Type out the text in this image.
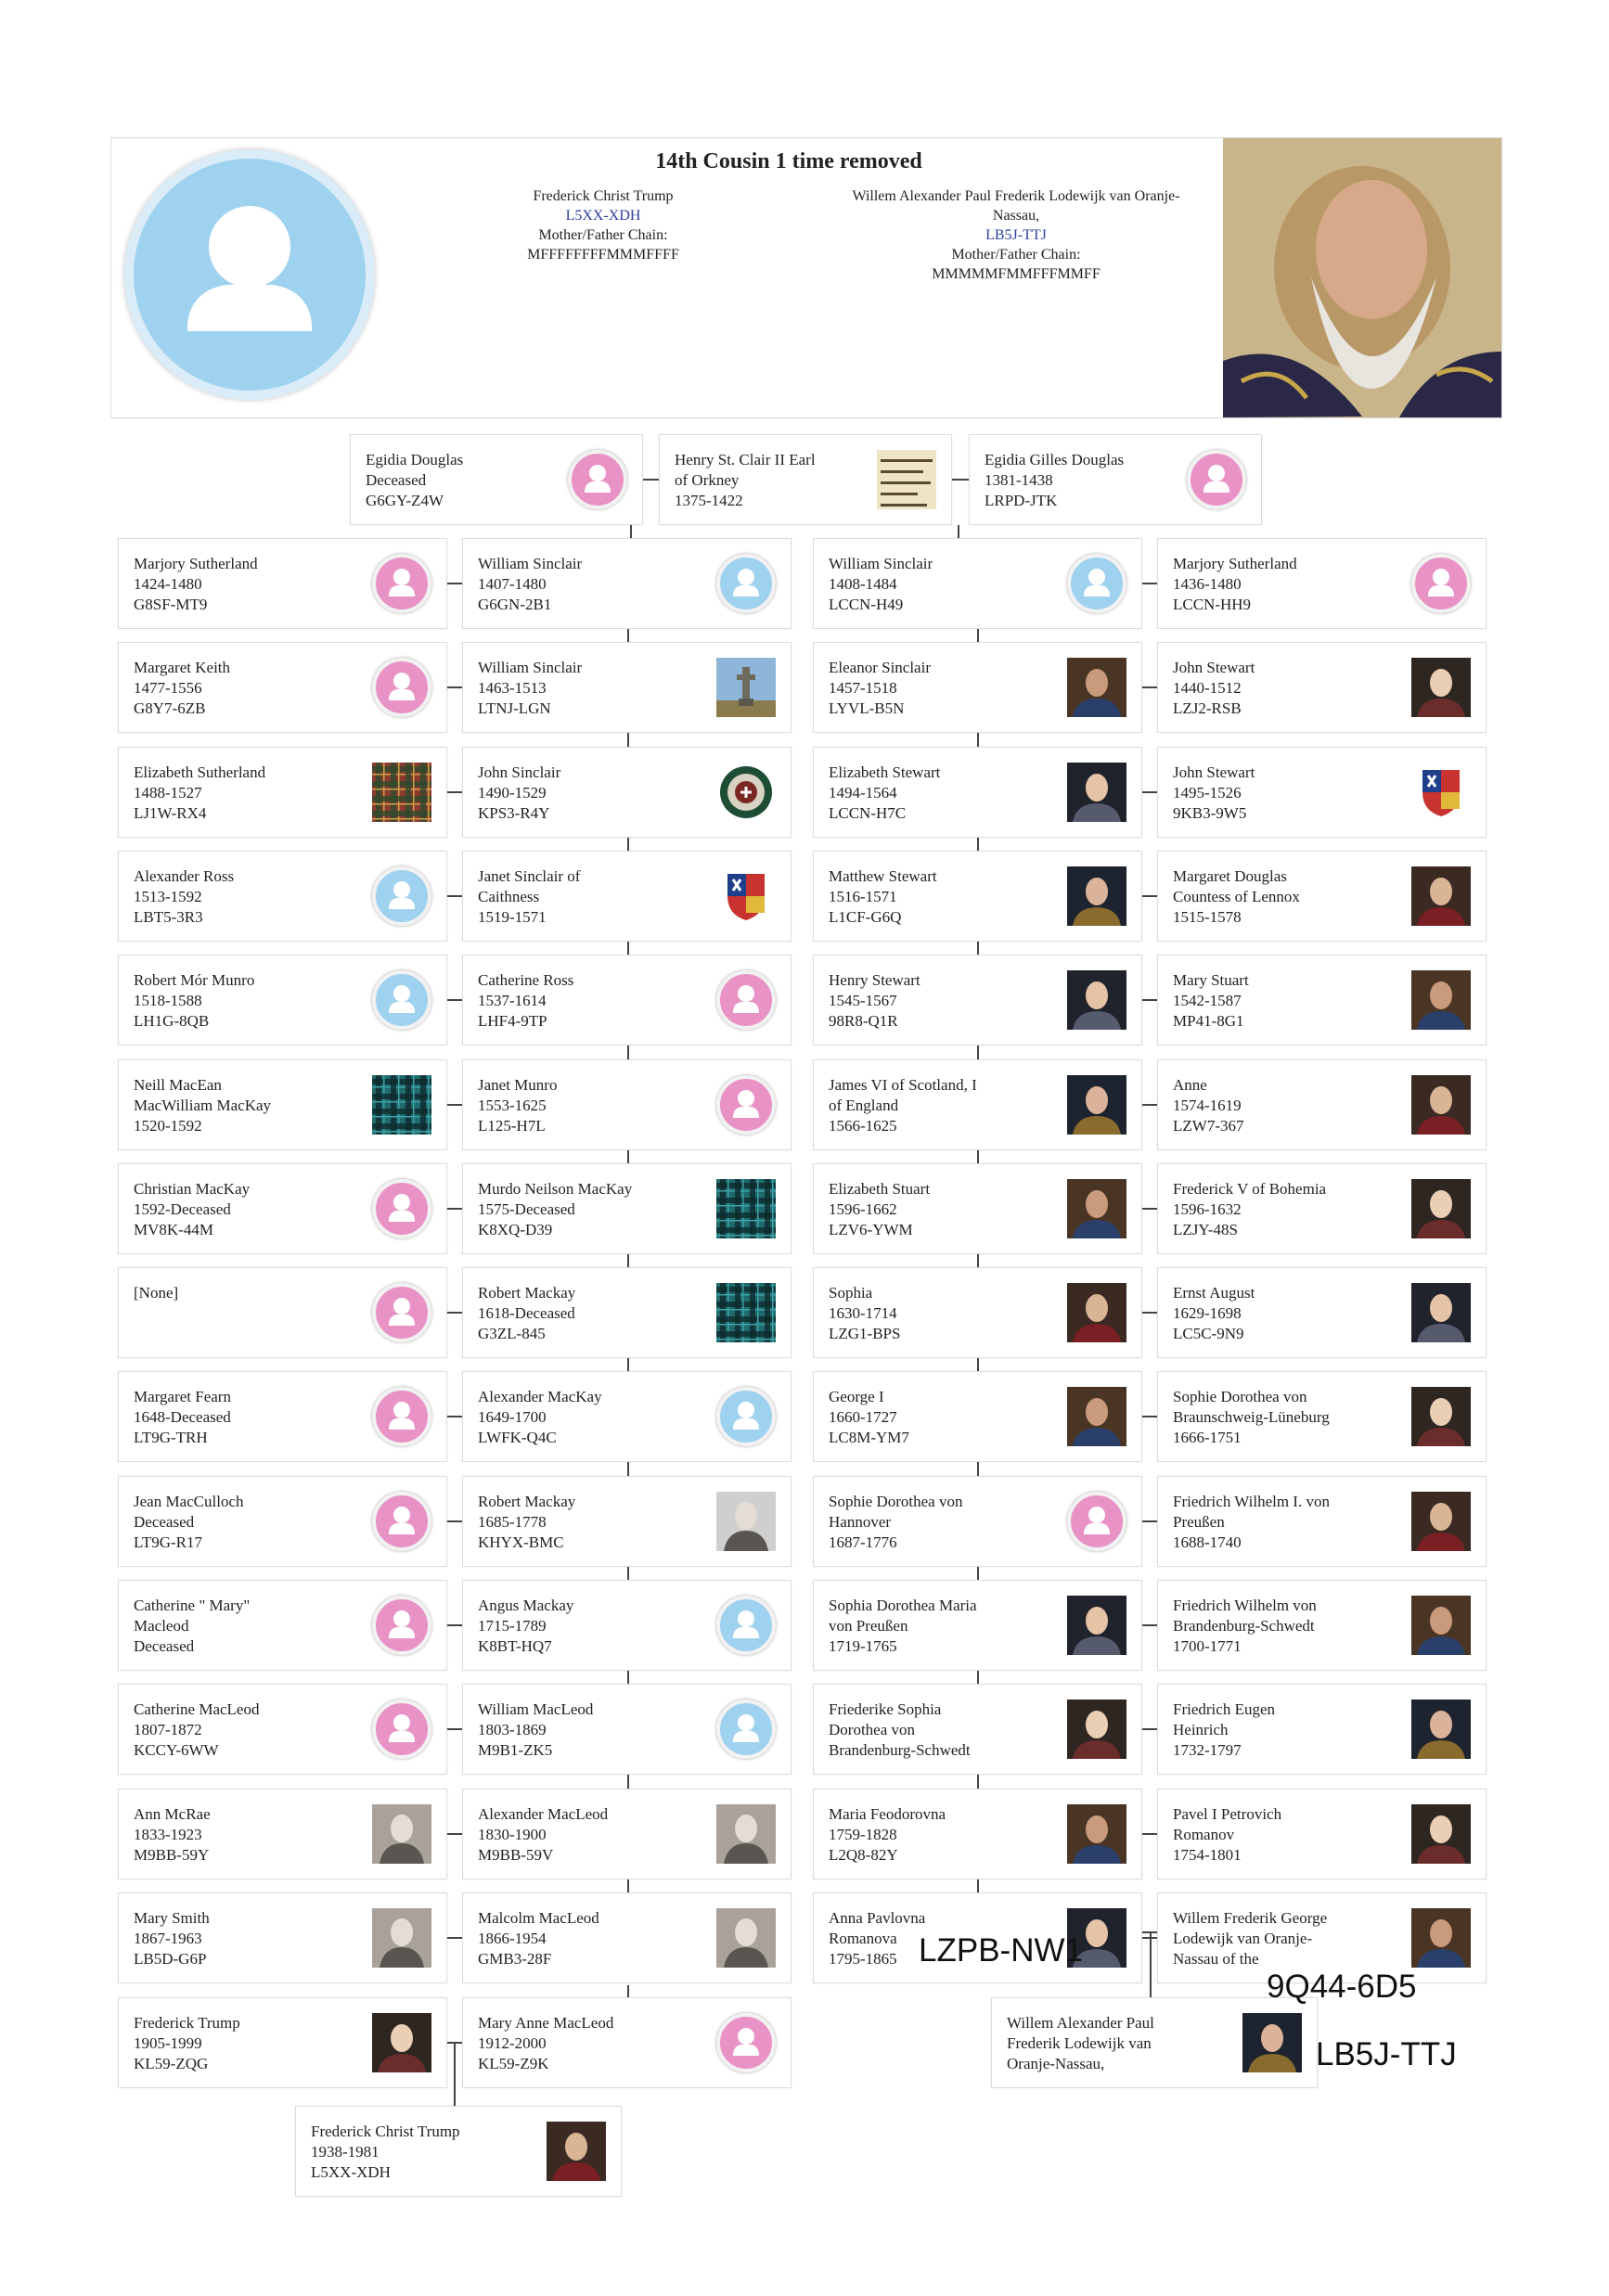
14th Cousin 1 time removed
Frederick Christ Trump
L5XX-XDH
Mother/Father Chain:
MFFFFFFFFMMMFFFF
Willem Alexander Paul Frederik Lodewijk van Oranje-
Nassau,
LB5J-TTJ
Mother/Father Chain:
MMMMMFMMFFFMMFF
Egidia Douglas
Deceased
G6GY-Z4W
Henry St. Clair II Earl
of Orkney
1375-1422
Egidia Gilles Douglas
1381-1438
LRPD-JTK
Marjory Sutherland
1424-1480
G8SF-MT9
William Sinclair
1407-1480
G6GN-2B1
William Sinclair
1408-1484
LCCN-H49
Marjory Sutherland
1436-1480
LCCN-HH9
Margaret Keith
1477-1556
G8Y7-6ZB
William Sinclair
1463-1513
LTNJ-LGN
Eleanor Sinclair
1457-1518
LYVL-B5N
John Stewart
1440-1512
LZJ2-RSB
Elizabeth Sutherland
1488-1527
LJ1W-RX4
John Sinclair
1490-1529
KPS3-R4Y
Elizabeth Stewart
1494-1564
LCCN-H7C
John Stewart
1495-1526
9KB3-9W5
Alexander Ross
1513-1592
LBT5-3R3
Janet Sinclair of
Caithness
1519-1571
Matthew Stewart
1516-1571
L1CF-G6Q
Margaret Douglas
Countess of Lennox
1515-1578
Robert Mór Munro
1518-1588
LH1G-8QB
Catherine Ross
1537-1614
LHF4-9TP
Henry Stewart
1545-1567
98R8-Q1R
Mary Stuart
1542-1587
MP41-8G1
Neill MacEan
MacWilliam MacKay
1520-1592
Janet Munro
1553-1625
L125-H7L
James VI of Scotland, I
of England
1566-1625
Anne
1574-1619
LZW7-367
Christian MacKay
1592-Deceased
MV8K-44M
Murdo Neilson MacKay
1575-Deceased
K8XQ-D39
Elizabeth Stuart
1596-1662
LZV6-YWM
Frederick V of Bohemia
1596-1632
LZJY-48S
[None]	Robert Mackay
1618-Deceased
G3ZL-845
Sophia
1630-1714
LZG1-BPS
Ernst August
1629-1698
LC5C-9N9
Margaret Fearn
1648-Deceased
LT9G-TRH
Alexander MacKay
1649-1700
LWFK-Q4C
George I
1660-1727
LC8M-YM7
Sophie Dorothea von
Braunschweig-Lüneburg
1666-1751
Jean MacCulloch
Deceased
LT9G-R17
Robert Mackay
1685-1778
KHYX-BMC
Sophie Dorothea von
Hannover
1687-1776
Friedrich Wilhelm I. von
Preußen
1688-1740
Catherine " Mary"
Macleod
Deceased
Angus Mackay
1715-1789
K8BT-HQ7
Sophia Dorothea Maria
von Preußen
1719-1765
Friedrich Wilhelm von
Brandenburg-Schwedt
1700-1771
Catherine MacLeod
1807-1872
KCCY-6WW
William MacLeod
1803-1869
M9B1-ZK5
Friederike Sophia
Dorothea von
Brandenburg-Schwedt
Friedrich Eugen
Heinrich
1732-1797
Ann McRae
1833-1923
M9BB-59Y
Alexander MacLeod
1830-1900
M9BB-59V
Maria Feodorovna
1759-1828
L2Q8-82Y
Pavel I Petrovich
Romanov
1754-1801
Mary Smith
1867-1963
LB5D-G6P
Malcolm MacLeod
1866-1954
GMB3-28F
Anna Pavlovna
Romanova
1795-1865
Willem Frederik George
Lodewijk van Oranje-
Nassau of the
Frederick Trump
1905-1999
KL59-ZQG
Mary Anne MacLeod
1912-2000
KL59-Z9K
Willem Alexander Paul
Frederik Lodewijk van
Oranje-Nassau,
Frederick Christ Trump
1938-1981
L5XX-XDH
LZPB-NW1
9Q44-6D5
LB5J-TTJ
